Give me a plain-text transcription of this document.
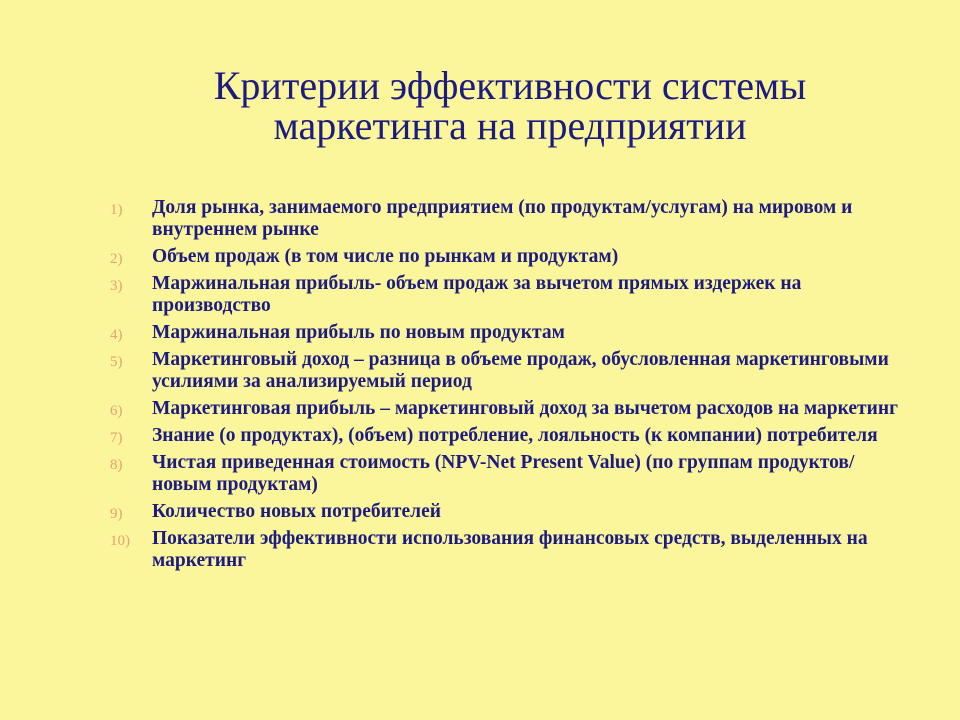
Критерии эффективности системы
маркетинга на предприятии
1)	Доля рынка, занимаемого предприятием (по продуктам/услугам) на мировом и внутреннем рынке
2)	Объем продаж (в том числе по рынкам и продуктам)
3)	Маржинальная прибыль- объем продаж за вычетом прямых издержек на производство
4)	Маржинальная прибыль по новым продуктам
5)	Маркетинговый доход – разница в объеме продаж, обусловленная маркетинговыми усилиями за анализируемый период
6)	Маркетинговая прибыль – маркетинговый доход за вычетом расходов на маркетинг
7)	Знание (о продуктах), (объем) потребление, лояльность (к компании) потребителя
8)	Чистая приведенная стоимость (NPV-Net Present Value) (по группам продуктов/новым продуктам)
9)	Количество новых потребителей
10)	Показатели эффективности использования финансовых средств, выделенных на маркетинг
